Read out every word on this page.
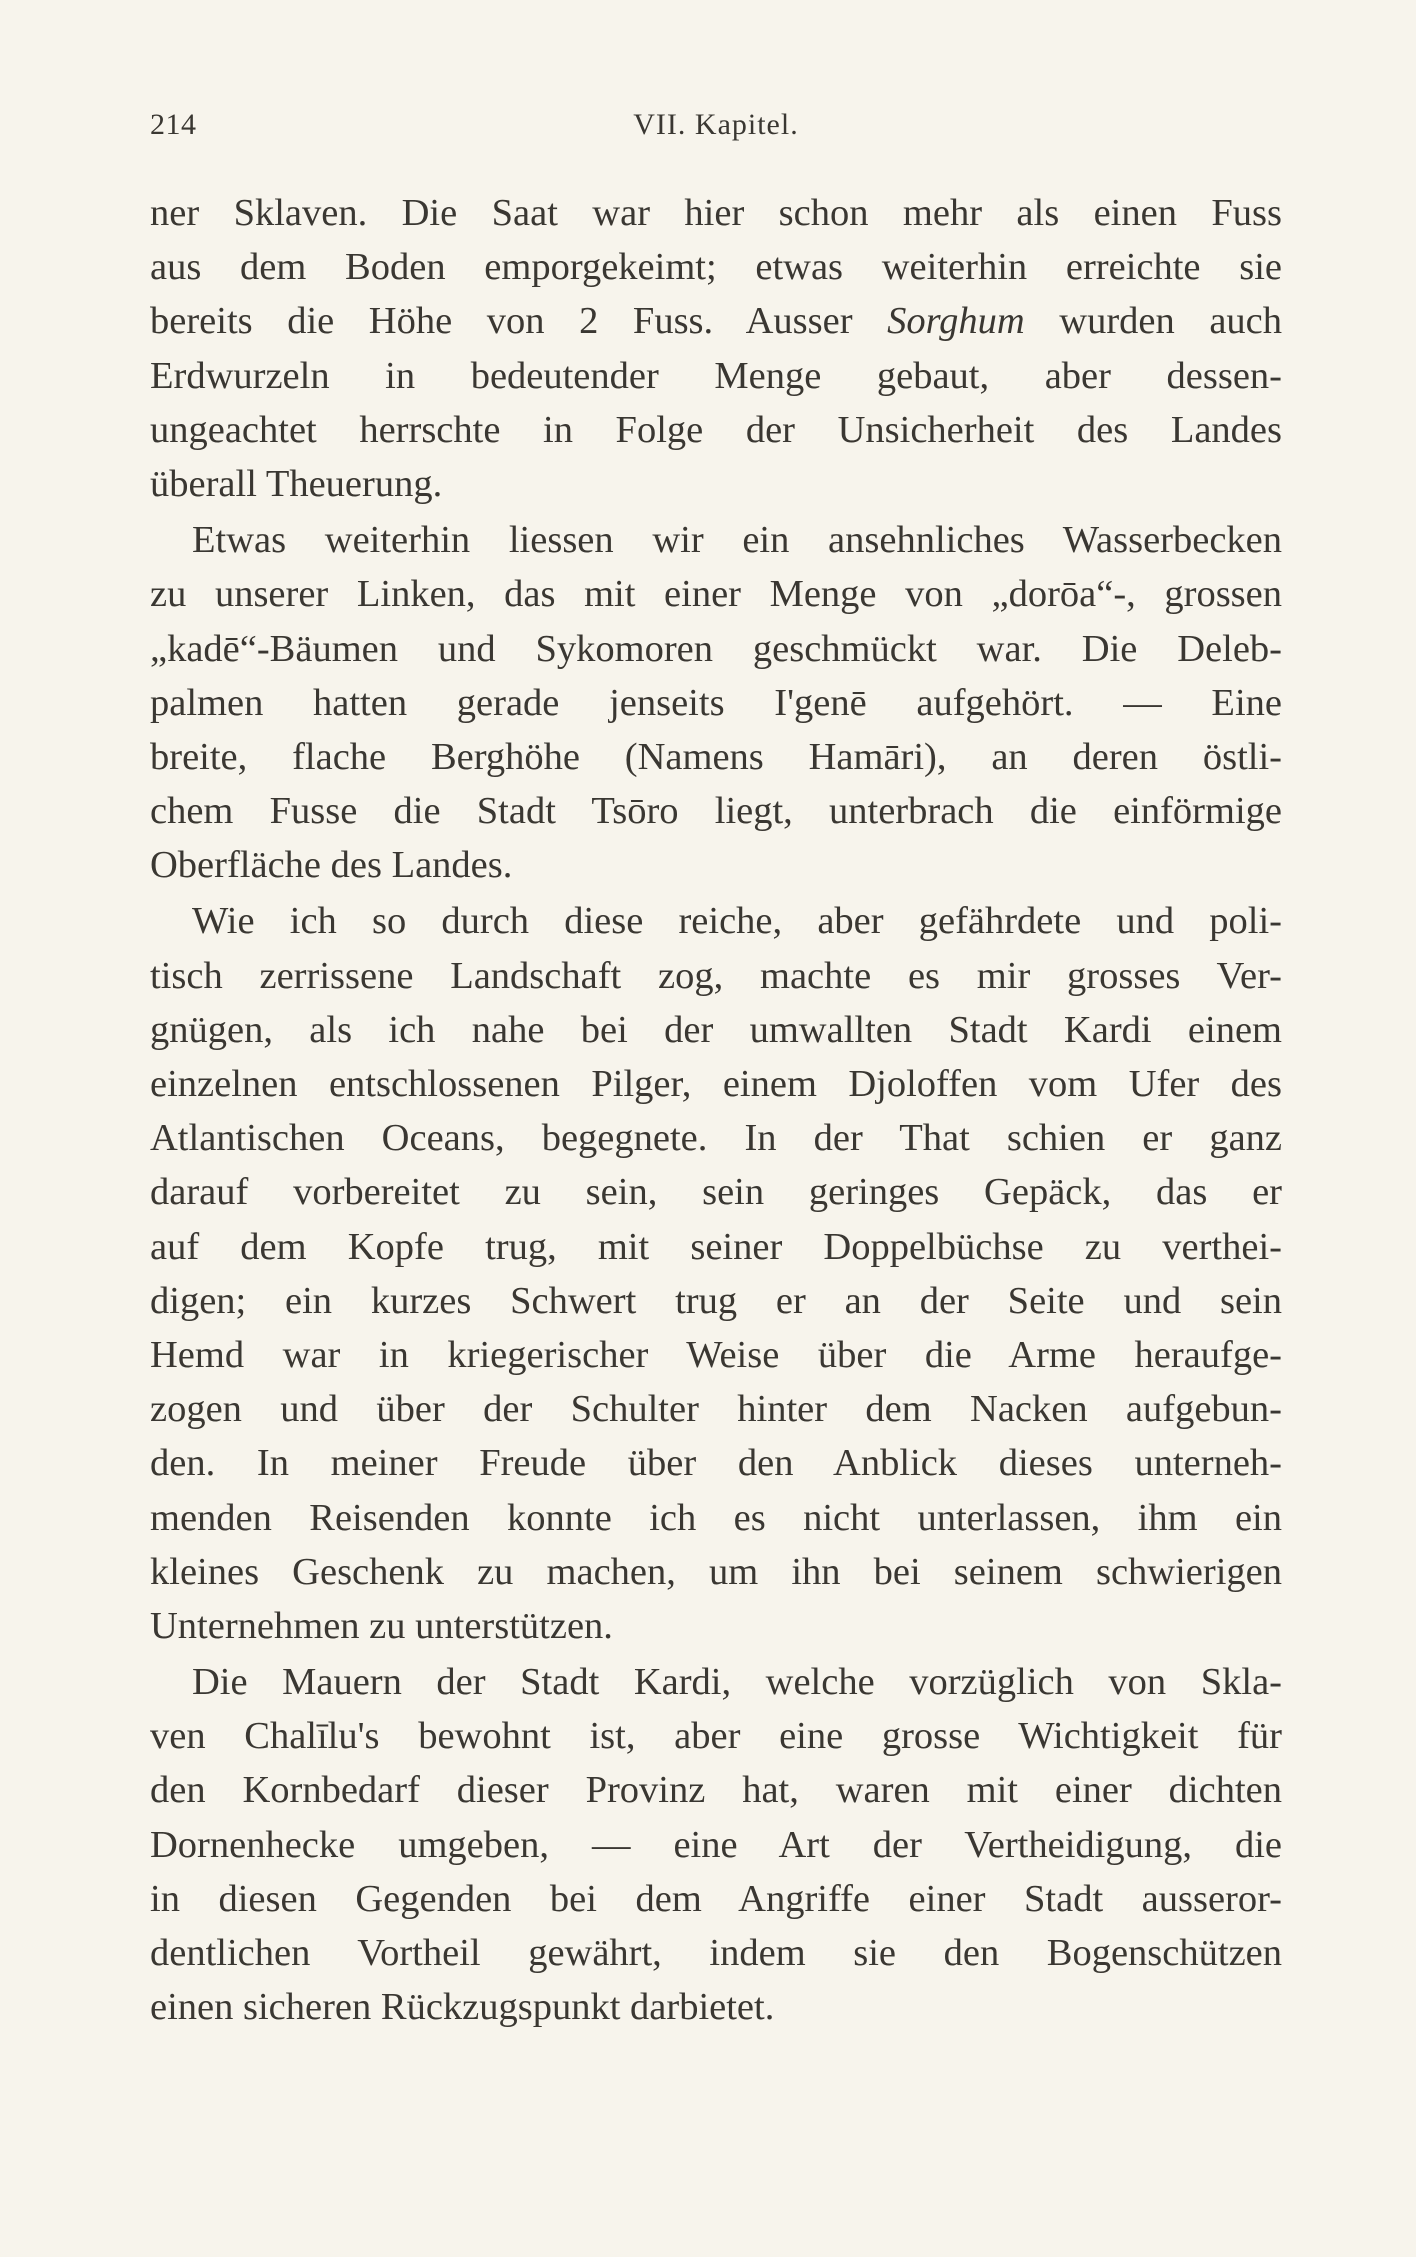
214	VII. Kapitel.
ner Sklaven. Die Saat war hier schon mehr als einen Fuss
aus dem Boden emporgekeimt; etwas weiterhin erreichte sie
bereits die Höhe von 2 Fuss. Ausser Sorghum wurden auch
Erdwurzeln in bedeutender Menge gebaut, aber dessen-
ungeachtet herrschte in Folge der Unsicherheit des Landes
überall Theuerung.
Etwas weiterhin liessen wir ein ansehnliches Wasserbecken
zu unserer Linken, das mit einer Menge von „dorōa“-, grossen
„kadē“-Bäumen und Sykomoren geschmückt war. Die Deleb-
palmen hatten gerade jenseits I'genē aufgehört. — Eine
breite, flache Berghöhe (Namens Hamāri), an deren östli-
chem Fusse die Stadt Tsōro liegt, unterbrach die einförmige
Oberfläche des Landes.
Wie ich so durch diese reiche, aber gefährdete und poli-
tisch zerrissene Landschaft zog, machte es mir grosses Ver-
gnügen, als ich nahe bei der umwallten Stadt Kardi einem
einzelnen entschlossenen Pilger, einem Djoloffen vom Ufer des
Atlantischen Oceans, begegnete. In der That schien er ganz
darauf vorbereitet zu sein, sein geringes Gepäck, das er
auf dem Kopfe trug, mit seiner Doppelbüchse zu verthei-
digen; ein kurzes Schwert trug er an der Seite und sein
Hemd war in kriegerischer Weise über die Arme heraufge-
zogen und über der Schulter hinter dem Nacken aufgebun-
den. In meiner Freude über den Anblick dieses unterneh-
menden Reisenden konnte ich es nicht unterlassen, ihm ein
kleines Geschenk zu machen, um ihn bei seinem schwierigen
Unternehmen zu unterstützen.
Die Mauern der Stadt Kardi, welche vorzüglich von Skla-
ven Chalīlu's bewohnt ist, aber eine grosse Wichtigkeit für
den Kornbedarf dieser Provinz hat, waren mit einer dichten
Dornenhecke umgeben, — eine Art der Vertheidigung, die
in diesen Gegenden bei dem Angriffe einer Stadt ausseror-
dentlichen Vortheil gewährt, indem sie den Bogenschützen
einen sicheren Rückzugspunkt darbietet.
